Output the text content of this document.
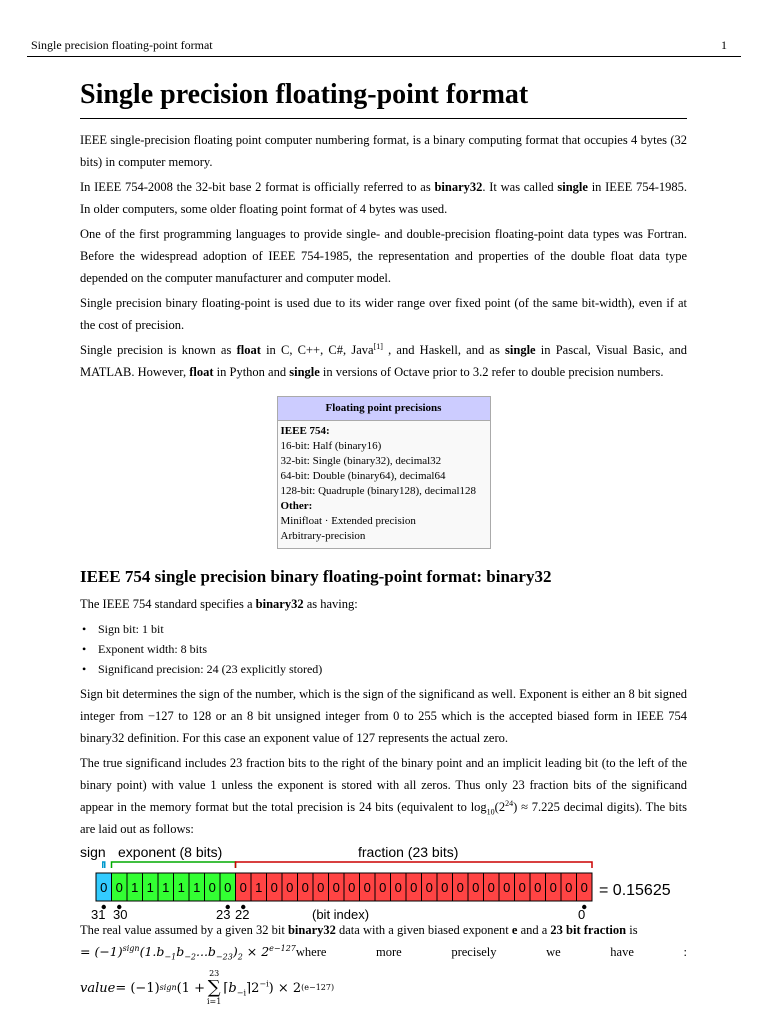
Single precision floating-point format	1
Single precision floating-point format

IEEE single-precision floating point computer numbering format, is a binary computing format that occupies 4 bytes (32 bits) in computer memory.

In IEEE 754-2008 the 32-bit base 2 format is officially referred to as binary32. It was called single in IEEE 754-1985. In older computers, some older floating point format of 4 bytes was used.

One of the first programming languages to provide single- and double-precision floating-point data types was Fortran. Before the widespread adoption of IEEE 754-1985, the representation and properties of the double float data type depended on the computer manufacturer and computer model.

Single precision binary floating-point is used due to its wider range over fixed point (of the same bit-width), even if at the cost of precision.

Single precision is known as float in C, C++, C#, Java[1] , and Haskell, and as single in Pascal, Visual Basic, and MATLAB. However, float in Python and single in versions of Octave prior to 3.2 refer to double precision numbers.

Floating point precisions
IEEE 754:
16-bit: Half (binary16)
32-bit: Single (binary32), decimal32
64-bit: Double (binary64), decimal64
128-bit: Quadruple (binary128), decimal128
Other:
Minifloat · Extended precision
Arbitrary-precision
IEEE 754 single precision binary floating-point format: binary32

The IEEE 754 standard specifies a binary32 as having:

• Sign bit: 1 bit
• Exponent width: 8 bits
• Significand precision: 24 (23 explicitly stored)

Sign bit determines the sign of the number, which is the sign of the significand as well. Exponent is either an 8 bit signed integer from −127 to 128 or an 8 bit unsigned integer from 0 to 255 which is the accepted biased form in IEEE 754 binary32 definition. For this case an exponent value of 127 represents the actual zero.

The true significand includes 23 fraction bits to the right of the binary point and an implicit leading bit (to the left of the binary point) with value 1 unless the exponent is stored with all zeros. Thus only 23 fraction bits of the significand appear in the memory format but the total precision is 24 bits (equivalent to $\log_{10}(2^{24}) \approx 7.225$ decimal digits). The bits are laid out as follows:

sign exponent (8 bits)	fraction (23 bits)
0 0 1 1 1 1 1 0 0 0 1 0 0 0 0 0 0 0 0 0 0 0 0 0 0 0 0 0 0 0 0 0 = 0.15625
31 30	23 22	(bit index)	0

The real value assumed by a given 32 bit binary32 data with a given biased exponent e and a 23 bit fraction is

= $(-1)^{sign}(1.b_{-1}b_{-2}...b_{-23})_2$ × $2^{e-127}where$	more	precisely	we	have	:
value = (−1) sign (1 +
23
∑
i=1
$⌈b_{-i}⌉2^{-i}$ ) × 2 (e−127)
